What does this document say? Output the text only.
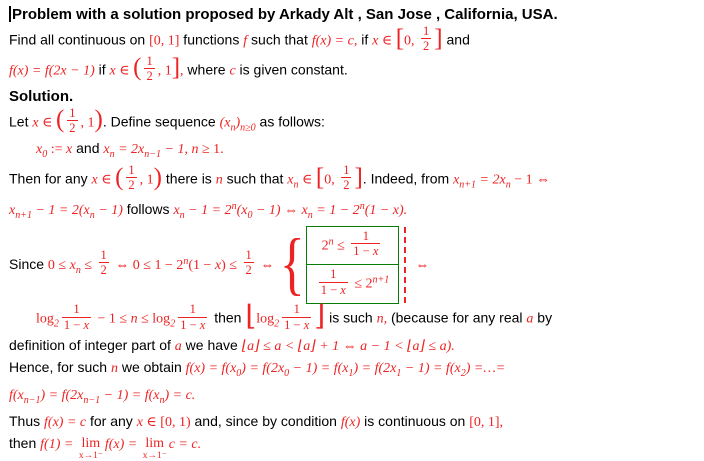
Problem with a solution proposed by Arkady Alt , San Jose , California, USA.
Find all continuous on [0, 1] functions f such that f(x) = c, if x ∈ [0, $\frac{1}{2}$ ] and
f(x) = f(2x − 1) if x ∈ ( $\frac{1}{2}$ , 1], where c is given constant.
Solution.
Let x ∈ ( $\frac{1}{2}$ , 1). Define sequence $(x_n)_{n\ge 0}$ as follows:
$x_0$ := x and $x_n = 2x_{n-1} - 1$, n ≥ 1.
Then for any x ∈ ( $\frac{1}{2}$ , 1) there is n such that $x_n$ ∈ [0, $\frac{1}{2}$ ]. Indeed, from $x_{n+1} = 2x_n - 1$ ⇔
$x_{n+1} - 1 = 2(x_n - 1)$ follows $x_n - 1 = 2^n(x_0 - 1)$ ⇔ $x_n = 1 - 2^n(1 - x)$.
Since $0 \le x_n \le \frac{1}{2}$ ⇔ $0 \le 1 - 2^n(1 - x) \le \frac{1}{2}$ ⇔ { $\frac{2^n \le \frac{1}{1 - x}}{\frac{1}{1 - x} \le 2^{n+1}}$ ⇔
$\log_2 \frac{1}{1 - x} - 1 \le n \le \log_2 \frac{1}{1 - x}$ then $⌊\log_2 \frac{1}{1 - x}$ ⌋ is such n, (because for any real a by
definition of integer part of a we have ⌊a⌋ ≤ a < ⌊a⌋ + 1 ⇔ a − 1 < ⌊a⌋ ≤ a).
Hence, for such n we obtain $f(x) = f(x_0) = f(2x_0 - 1) = f(x_1) = f(2x_1 - 1) = f(x_2)$ =…=
$f(x_{n-1}) = f(2x_{n-1} - 1) = f(x_n) = c$.
Thus f(x) = c for any x ∈ [0, 1) and, since by condition f(x) is continuous on [0, 1],
then f(1) = lim
x→1⁻
f(x) = lim
x→1⁻
c = c.
